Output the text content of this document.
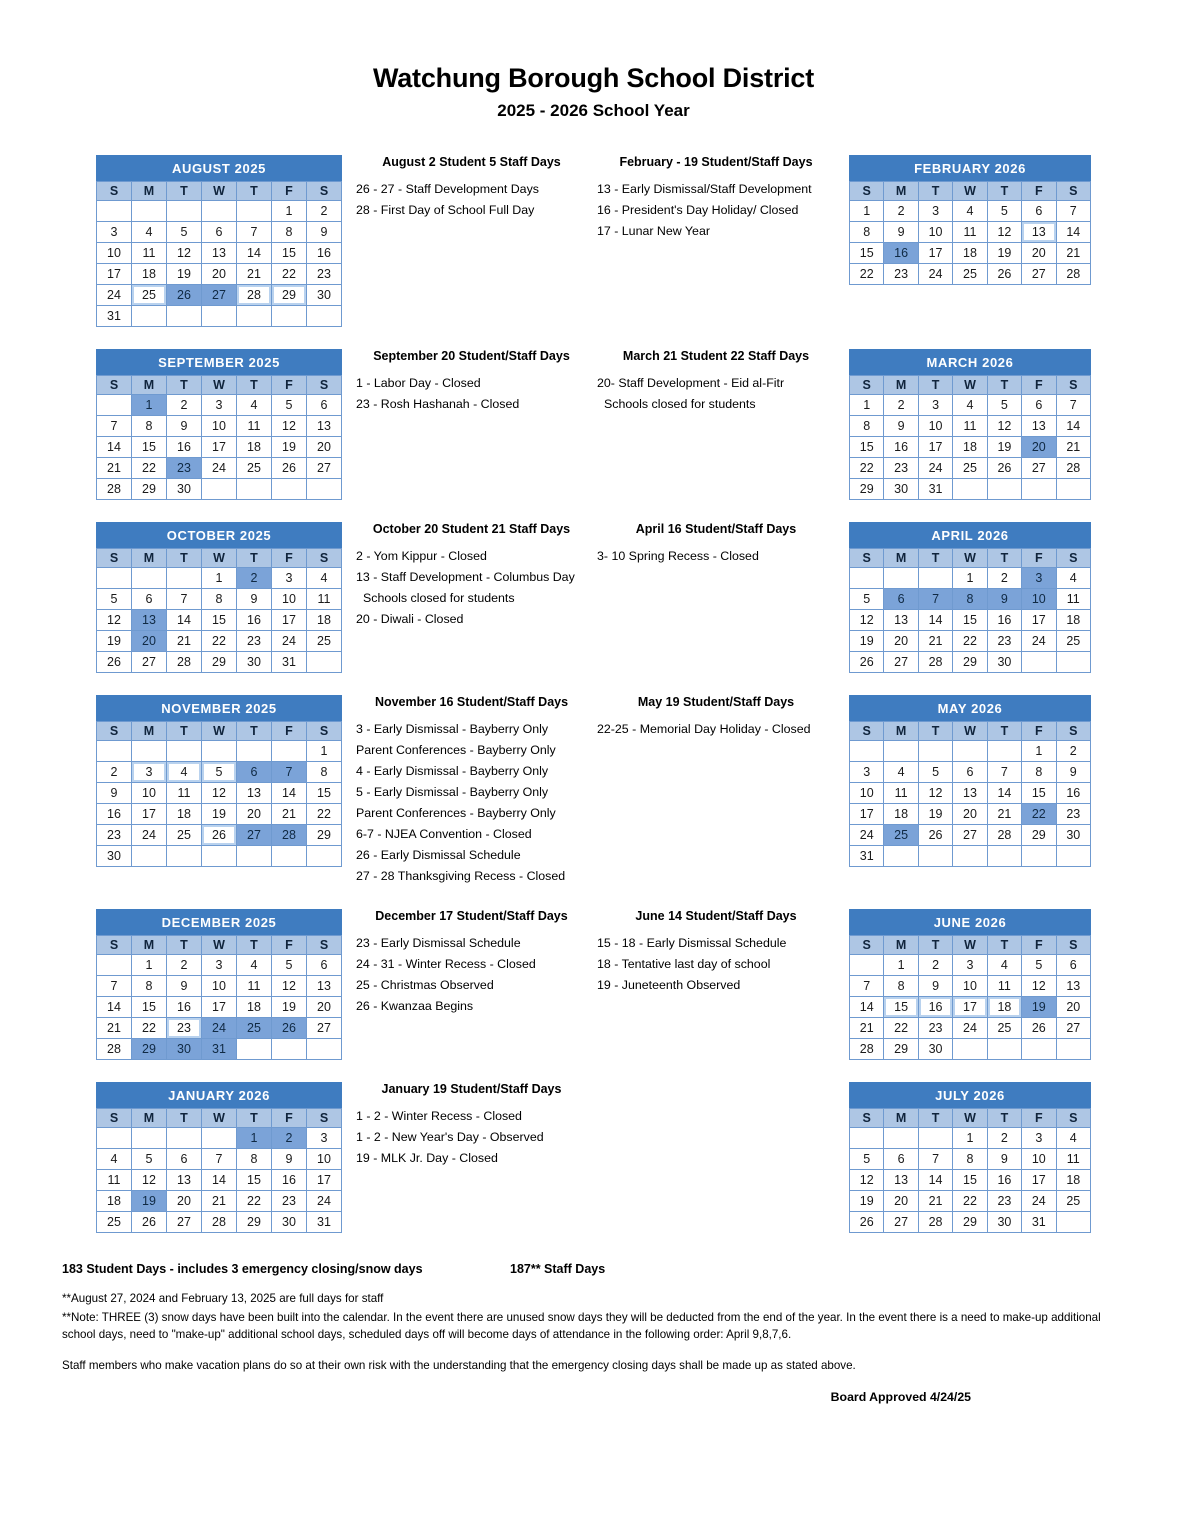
Watchung Borough School District
2025 - 2026 School Year
AUGUST 2025
S	M	T	W	T	F	S
					1	2
3	4	5	6	7	8	9
10	11	12	13	14	15	16
17	18	19	20	21	22	23
24	25	26	27	28	29	30
31						
August 2 Student 5 Staff Days
26 - 27 - Staff Development Days
28 - First Day of School Full Day
February - 19 Student/Staff Days
13 - Early Dismissal/Staff Development
16 - President's Day Holiday/ Closed
17 - Lunar New Year
FEBRUARY 2026
S	M	T	W	T	F	S
1	2	3	4	5	6	7
8	9	10	11	12	13	14
15	16	17	18	19	20	21
22	23	24	25	26	27	28
SEPTEMBER 2025
S	M	T	W	T	F	S
	1	2	3	4	5	6
7	8	9	10	11	12	13
14	15	16	17	18	19	20
21	22	23	24	25	26	27
28	29	30				
September 20 Student/Staff Days
1 - Labor Day - Closed
23 - Rosh Hashanah - Closed
March 21 Student 22 Staff Days
20- Staff Development - Eid al-Fitr
Schools closed for students
MARCH 2026
S	M	T	W	T	F	S
1	2	3	4	5	6	7
8	9	10	11	12	13	14
15	16	17	18	19	20	21
22	23	24	25	26	27	28
29	30	31				
OCTOBER 2025
S	M	T	W	T	F	S
			1	2	3	4
5	6	7	8	9	10	11
12	13	14	15	16	17	18
19	20	21	22	23	24	25
26	27	28	29	30	31	
October 20 Student 21 Staff Days
2 - Yom Kippur - Closed
13 - Staff Development - Columbus Day
Schools closed for students
20 - Diwali - Closed
April 16 Student/Staff Days
3- 10 Spring Recess - Closed
APRIL 2026
S	M	T	W	T	F	S
			1	2	3	4
5	6	7	8	9	10	11
12	13	14	15	16	17	18
19	20	21	22	23	24	25
26	27	28	29	30		
NOVEMBER 2025
S	M	T	W	T	F	S
						1
2	3	4	5	6	7	8
9	10	11	12	13	14	15
16	17	18	19	20	21	22
23	24	25	26	27	28	29
30						
November 16 Student/Staff Days
3 - Early Dismissal - Bayberry Only
Parent Conferences - Bayberry Only
4 - Early Dismissal - Bayberry Only
5 - Early Dismissal - Bayberry Only
Parent Conferences - Bayberry Only
6-7 - NJEA Convention - Closed
26 - Early Dismissal Schedule
27 - 28 Thanksgiving Recess - Closed
May 19 Student/Staff Days
22-25 - Memorial Day Holiday - Closed
MAY 2026
S	M	T	W	T	F	S
					1	2
3	4	5	6	7	8	9
10	11	12	13	14	15	16
17	18	19	20	21	22	23
24	25	26	27	28	29	30
31						
DECEMBER 2025
S	M	T	W	T	F	S
	1	2	3	4	5	6
7	8	9	10	11	12	13
14	15	16	17	18	19	20
21	22	23	24	25	26	27
28	29	30	31			
December 17 Student/Staff Days
23 - Early Dismissal Schedule
24 - 31 - Winter Recess - Closed
25 - Christmas Observed
26 - Kwanzaa Begins
June 14 Student/Staff Days
15 - 18 - Early Dismissal Schedule
18 - Tentative last day of school
19 - Juneteenth Observed
JUNE 2026
S	M	T	W	T	F	S
	1	2	3	4	5	6
7	8	9	10	11	12	13
14	15	16	17	18	19	20
21	22	23	24	25	26	27
28	29	30				
JANUARY 2026
S	M	T	W	T	F	S
				1	2	3
4	5	6	7	8	9	10
11	12	13	14	15	16	17
18	19	20	21	22	23	24
25	26	27	28	29	30	31
January 19 Student/Staff Days
1 - 2 - Winter Recess - Closed
1 - 2 - New Year's Day - Observed
19 - MLK Jr. Day - Closed
JULY 2026
S	M	T	W	T	F	S
			1	2	3	4
5	6	7	8	9	10	11
12	13	14	15	16	17	18
19	20	21	22	23	24	25
26	27	28	29	30	31	
183 Student Days - includes 3 emergency closing/snow days	187** Staff Days
**August 27, 2024 and February 13, 2025 are full days for staff
**Note: THREE (3) snow days have been built into the calendar. In the event there are unused snow days they will be deducted from the end of the year. In the event there is a need to make-up additional school days, need to "make-up" additional school days, scheduled days off will become days of attendance in the following order: April 9,8,7,6.
Staff members who make vacation plans do so at their own risk with the understanding that the emergency closing days shall be made up as stated above.
Board Approved 4/24/25
